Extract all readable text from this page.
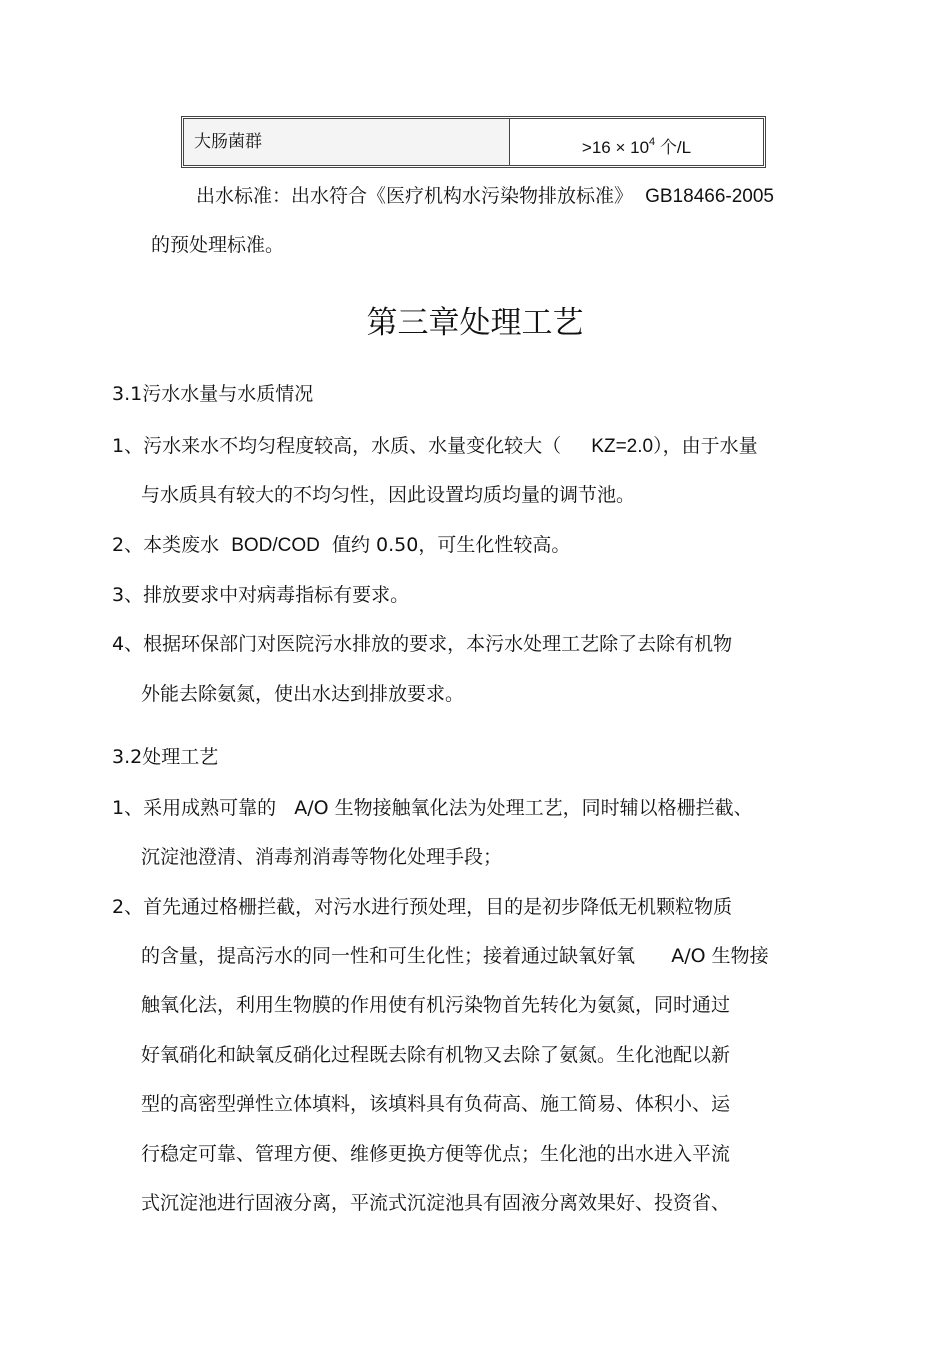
大肠菌群	$>16 \times 10^4$ 个/L
出水标准：出水符合《医疗机构水污染物排放标准》 GB18466-2005
的预处理标准。
第三章处理工艺
3.1污水水量与水质情况
1、污水来水不均匀程度较高，水质、水量变化较大（ KZ=2.0），由于水量
与水质具有较大的不均匀性，因此设置均质均量的调节池。
2、本类废水 BOD/COD 值约 0.50，可生化性较高。
3、排放要求中对病毒指标有要求。
4、根据环保部门对医院污水排放的要求，本污水处理工艺除了去除有机物
外能去除氨氮，使出水达到排放要求。
3.2处理工艺
1、采用成熟可靠的 A/O 生物接触氧化法为处理工艺，同时辅以格栅拦截、
沉淀池澄清、消毒剂消毒等物化处理手段；
2、首先通过格栅拦截，对污水进行预处理，目的是初步降低无机颗粒物质
的含量，提高污水的同一性和可生化性；接着通过缺氧好氧 A/O 生物接
触氧化法，利用生物膜的作用使有机污染物首先转化为氨氮，同时通过
好氧硝化和缺氧反硝化过程既去除有机物又去除了氨氮。生化池配以新
型的高密型弹性立体填料，该填料具有负荷高、施工简易、体积小、运
行稳定可靠、管理方便、维修更换方便等优点；生化池的出水进入平流
式沉淀池进行固液分离，平流式沉淀池具有固液分离效果好、投资省、
